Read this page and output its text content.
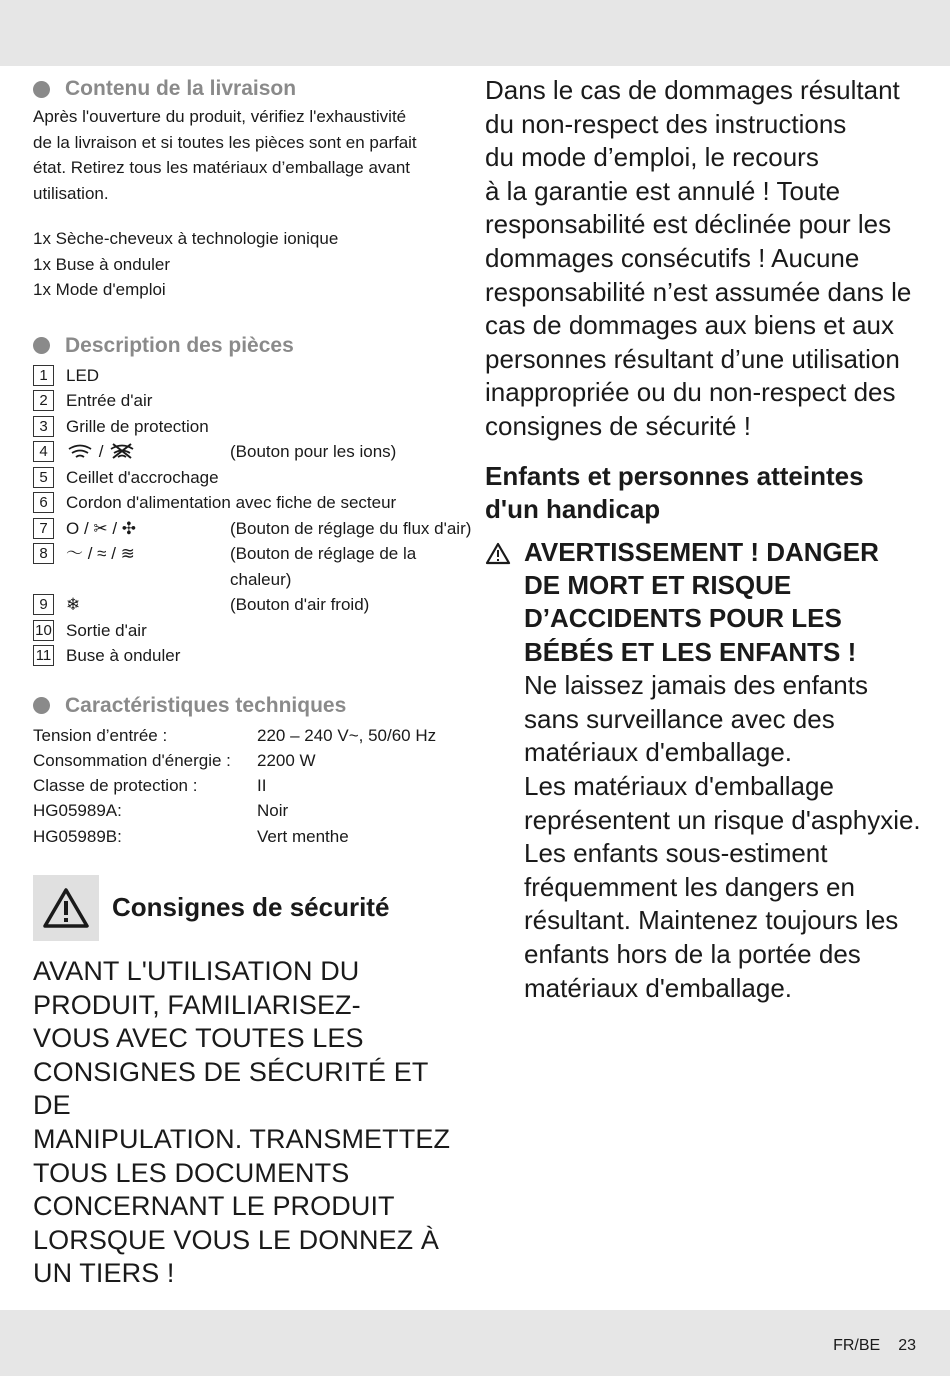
Contenu de la livraison

Après l'ouverture du produit, vérifiez l'exhaustivité

de la livraison et si toutes les pièces sont en parfait

état. Retirez tous les matériaux d’emballage avant

utilisation.

1x Sèche-cheveux à technologie ionique

1x Buse à onduler

1x Mode d'emploi

Description des pièces
1	LED
2	Entrée d'air
3	Grille de protection
4	/	(Bouton pour les ions)
5	Ceillet d'accrochage
6	Cordon d'alimentation avec fiche de secteur
7	O / ✂ / ✣	(Bouton de réglage du flux d'air)
8	〜 / ≈ / ≋	(Bouton de réglage de la chaleur)
9	❄	(Bouton d'air froid)
10 Sortie d'air
11 Buse à onduler
Caractéristiques techniques
Tension d’entrée :	220 – 240 V~, 50/60 Hz
Consommation d'énergie :	2200 W
Classe de protection :	II
HG05989A:	Noir
HG05989B:	Vert menthe
Consignes de sécurité
AVANT L'UTILISATION DU
PRODUIT, FAMILIARISEZ-
VOUS AVEC TOUTES LES
CONSIGNES DE SÉCURITÉ ET DE
MANIPULATION. TRANSMETTEZ
TOUS LES DOCUMENTS
CONCERNANT LE PRODUIT
LORSQUE VOUS LE DONNEZ À
UN TIERS !

Dans le cas de dommages résultant

du non-respect des instructions

du mode d’emploi, le recours

à la garantie est annulé ! Toute

responsabilité est déclinée pour les

dommages consécutifs ! Aucune

responsabilité n’est assumée dans le

cas de dommages aux biens et aux

personnes résultant d’une utilisation

inappropriée ou du non-respect des

consignes de sécurité !

Enfants et personnes atteintes
d'un handicap
AVERTISSEMENT ! DANGER
DE MORT ET RISQUE
D’ACCIDENTS POUR LES
BÉBÉS ET LES ENFANTS !
Ne laissez jamais des enfants
sans surveillance avec des
matériaux d'emballage.
Les matériaux d'emballage
représentent un risque d'asphyxie.
Les enfants sous-estiment
fréquemment les dangers en
résultant. Maintenez toujours les
enfants hors de la portée des
matériaux d'emballage.
FR/BE 23
